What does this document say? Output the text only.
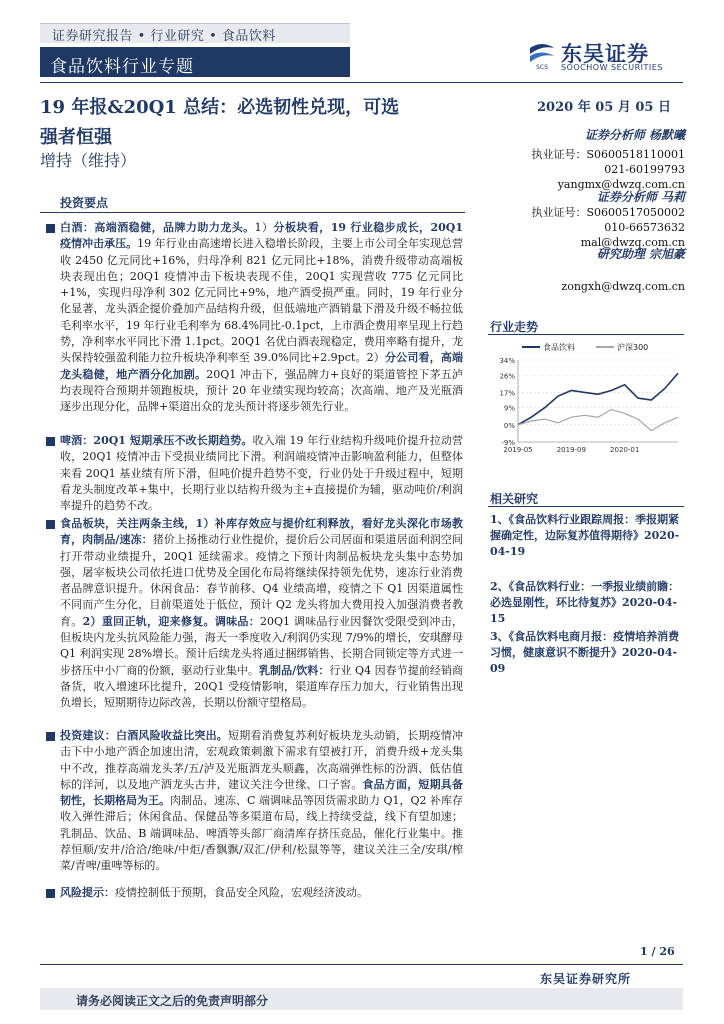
证券研究报告 • 行业研究 • 食品饮料
食品饮料行业专题	SCS
东吴证券
SOOCHOW SECURITIES
19 年报&20Q1 总结：必选韧性兑现，可选
强者恒强
增持（维持）
2020 年 05 月 05 日
证券分析师 杨默曦
执业证号：S0600518110001
021-60199793
yangmx@dwzq.com.cn
证券分析师 马莉
执业证号：S0600517050002
010-66573632
mal@dwzq.com.cn
研究助理 宗旭豪
zongxh@dwzq.com.cn
投资要点
白酒：高端酒稳健，品牌力助力龙头。1）分板块看，19 行业稳步成长，20Q1 疫情冲击承压。19 年行业由高速增长进入稳增长阶段，主要上市公司全年实现总营收 2450 亿元同比+16%，归母净利 821 亿元同比+18%，消费升级带动高端板块表现出色；20Q1 疫情冲击下板块表现不佳，20Q1 实现营收 775 亿元同比+1%，实现归母净利 302 亿元同比+9%，地产酒受损严重。同时，19 年行业分化显著，龙头酒企提价叠加产品结构升级，但低端地产酒销量下滑及升级不畅拉低毛利率水平，19 年行业毛利率为 68.4%同比-0.1pct，上市酒企费用率呈现上行趋势，净利率水平同比下滑 1.1pct。20Q1 名优白酒表现稳定，费用率略有提升，龙头保持较强盈利能力拉升板块净利率至 39.0%同比+2.9pct。2）分公司看，高端龙头稳健，地产酒分化加剧。20Q1 冲击下，强品牌力+良好的渠道管控下茅五泸均表现符合预期并领跑板块，预计 20 年业绩实现均较高；次高端、地产及光瓶酒逐步出现分化，品牌+渠道出众的龙头预计将逐步领先行业。
啤酒：20Q1 短期承压不改长期趋势。收入端 19 年行业结构升级吨价提升拉动营收，20Q1 疫情冲击下受损业绩同比下滑。利润端疫情冲击影响盈利能力，但整体来看 20Q1 基业绩有所下滑，但吨价提升趋势不变，行业仍处于升级过程中，短期看龙头制度改革+集中，长期行业以结构升级为主+直接提价为辅，驱动吨价/利润率提升的趋势不改。
食品板块，关注两条主线，1）补库存效应与提价红利释放，看好龙头深化市场教育，肉制品/速冻：猪价上扬推动行业性提价，提价后公司居面和渠道居面利润空间打开带动业绩提升，20Q1 延续需求。疫情之下预计肉制品板块龙头集中态势加强，屠宰板块公司依托进口优势及全国化布局将继续保持领先优势，速冻行业消费者品牌意识提升。休闲食品：春节前移、Q4 业绩高增，疫情之下 Q1 因渠道属性不同而产生分化，目前渠道处于低位，预计 Q2 龙头将加大费用投入加强消费者教育。2）重回正轨，迎来修复。调味品：20Q1 调味品行业因餐饮受限受到冲击，但板块内龙头抗风险能力强，海天一季度收入/利润仍实现 7/9%的增长，安琪酵母 Q1 利润实现 28%增长。预计后续龙头将通过捆绑销售、长期合同锁定等方式进一步挤压中小厂商的份额，驱动行业集中。乳制品/饮料：行业 Q4 因春节提前经销商备货，收入增速环比提升，20Q1 受疫情影响，渠道库存压力加大，行业销售出现负增长，短期期待边际改善，长期以份额守望格局。
投资建议：白酒风险收益比突出。短期看消费复苏利好板块龙头动销，长期疫情冲击下中小地产酒企加速出清，宏观政策刺激下需求有望被打开，消费升级+龙头集中不改，推荐高端龙头茅/五/泸及光瓶酒龙头顺鑫，次高端弹性标的汾酒、低估值标的洋河，以及地产酒龙头古井，建议关注今世缘、口子窖。食品方面，短期具备韧性，长期格局为王。肉制品、速冻、C 端调味品等因货需求助力 Q1，Q2 补库存收入弹性滞后；休闲食品、保健品等多渠道布局，线上持续受益，线下有望加速；乳制品、饮品、B 端调味品、啤酒等头部厂商清库存挤压竞品，催化行业集中。推荐恒顺/安井/洽洽/绝味/中炬/香飘飘/双汇/伊利/松鼠等等，建议关注三全/安琪/榨菜/青啤/重啤等标的。
风险提示：疫情控制低于预期，食品安全风险，宏观经济波动。
行业走势
34%
26%
17%
9%
0%
-9%
2019-05	2019-09	2020-01
食品饮料	沪深300
相关研究
1、《食品饮料行业跟踪周报：季报期紧握确定性，边际复苏值得期待》2020-04-19
2、《食品饮料行业：一季报业绩前瞻：必选显刚性，环比待复苏》2020-04-15
3、《食品饮料电商月报：疫情培养消费习惯，健康意识不断提升》2020-04-09
1 / 26
东吴证券研究所
请务必阅读正文之后的免责声明部分
